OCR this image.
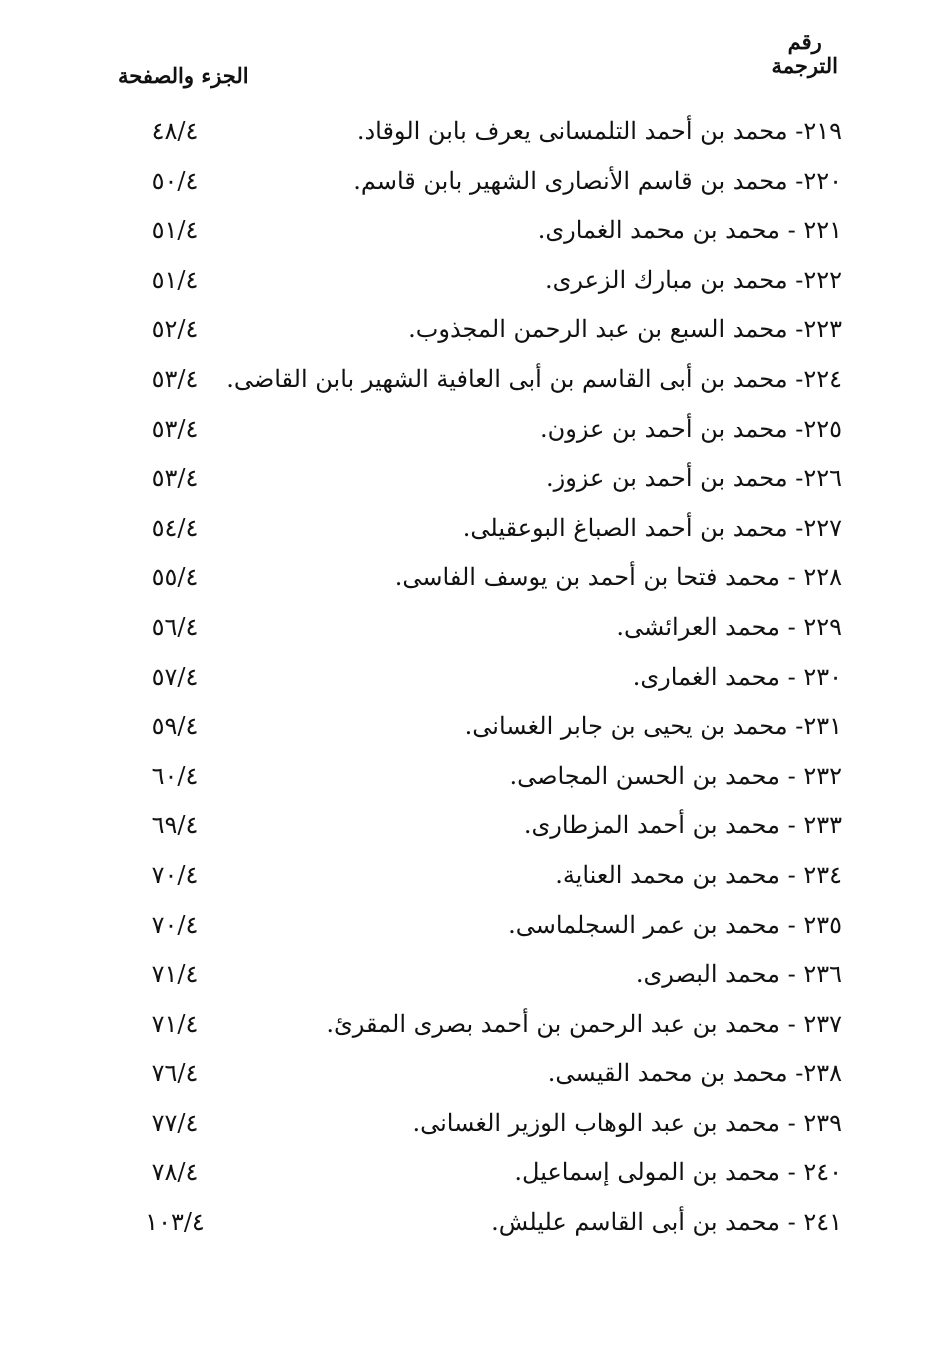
رقم
الترجمة
الجزء والصفحة
٢١٩- محمد بن أحمد التلمسانى يعرف بابن الوقاد.
٤٨/٤
٢٢٠- محمد بن قاسم الأنصارى الشهير بابن قاسم.
٥٠/٤
٢٢١ - محمد بن محمد الغمارى.
٥١/٤
٢٢٢- محمد بن مبارك الزعرى.
٥١/٤
٢٢٣- محمد السبع بن عبد الرحمن المجذوب.
٥٢/٤
٢٢٤- محمد بن أبى القاسم بن أبى العافية الشهير بابن القاضى.
٥٣/٤
٢٢٥- محمد بن أحمد بن عزون.
٥٣/٤
٢٢٦- محمد بن أحمد بن عزوز.
٥٣/٤
٢٢٧- محمد بن أحمد الصباغ البوعقيلى.
٥٤/٤
٢٢٨ - محمد فتحا بن أحمد بن يوسف الفاسى.
٥٥/٤
٢٢٩ - محمد العرائشى.
٥٦/٤
٢٣٠ - محمد الغمارى.
٥٧/٤
٢٣١- محمد بن يحيى بن جابر الغسانى.
٥٩/٤
٢٣٢ - محمد بن الحسن المجاصى.
٦٠/٤
٢٣٣ - محمد بن أحمد المزطارى.
٦٩/٤
٢٣٤ - محمد بن محمد العناية.
٧٠/٤
٢٣٥ - محمد بن عمر السجلماسى.
٧٠/٤
٢٣٦ - محمد البصرى.
٧١/٤
٢٣٧ - محمد بن عبد الرحمن بن أحمد بصرى المقرئ.
٧١/٤
٢٣٨- محمد بن محمد القيسى.
٧٦/٤
٢٣٩ - محمد بن عبد الوهاب الوزير الغسانى.
٧٧/٤
٢٤٠ - محمد بن المولى إسماعيل.
٧٨/٤
٢٤١ - محمد بن أبى القاسم عليلش.
١٠٣/٤
